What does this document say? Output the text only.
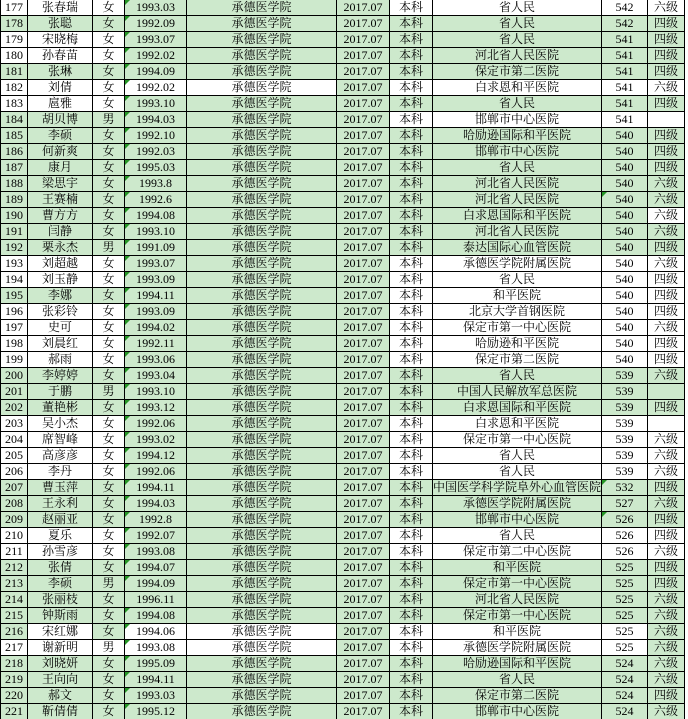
177	张春瑞	女	1993.03	承德医学院	2017.07	本科	省人民	542	六级
178	张聪	女	1992.09	承德医学院	2017.07	本科	省人民	542	四级
179	宋晓梅	女	1993.07	承德医学院	2017.07	本科	省人民	541	四级
180	孙春苗	女	1992.02	承德医学院	2017.07	本科	河北省人民医院	541	四级
181	张琳	女	1994.09	承德医学院	2017.07	本科	保定市第二医院	541	四级
182	刘倩	女	1992.02	承德医学院	2017.07	本科	白求恩和平医院	541	六级
183	扈雅	女	1993.10	承德医学院	2017.07	本科	省人民	541	四级
184	胡贝博	男	1994.03	承德医学院	2017.07	本科	邯郸市中心医院	541
185	李硕	女	1992.10	承德医学院	2017.07	本科	哈励逊国际和平医院	540	四级
186	何新爽	女	1992.03	承德医学院	2017.07	本科	邯郸市中心医院	540	四级
187	康月	女	1995.03	承德医学院	2017.07	本科	省人民	540	四级
188	梁思宇	女	1993.8	承德医学院	2017.07	本科	河北省人民医院	540	六级
189	王赛楠	女	1992.6	承德医学院	2017.07	本科	河北省人民医院	540	六级
190	曹方方	女	1994.08	承德医学院	2017.07	本科	白求恩国际和平医院	540	六级
191	闫静	女	1993.10	承德医学院	2017.07	本科	河北省人民医院	540	六级
192	栗永杰	男	1991.09	承德医学院	2017.07	本科	泰达国际心血管医院	540	四级
193	刘超越	女	1993.07	承德医学院	2017.07	本科	承德医学院附属医院	540	六级
194	刘玉静	女	1993.09	承德医学院	2017.07	本科	省人民	540	四级
195	李娜	女	1994.11	承德医学院	2017.07	本科	和平医院	540	四级
196	张彩铃	女	1993.09	承德医学院	2017.07	本科	北京大学首钢医院	540	四级
197	史可	女	1994.02	承德医学院	2017.07	本科	保定市第一中心医院	540	六级
198	刘晨红	女	1992.11	承德医学院	2017.07	本科	哈励逊和平医院	540	四级
199	郝雨	女	1993.06	承德医学院	2017.07	本科	保定市第二医院	540	四级
200	李婷婷	女	1993.04	承德医学院	2017.07	本科	省人民	539	六级
201	于鹏	男	1993.10	承德医学院	2017.07	本科	中国人民解放军总医院	539
202	董艳彬	女	1993.12	承德医学院	2017.07	本科	白求恩国际和平医院	539	四级
203	吴小杰	女	1992.06	承德医学院	2017.07	本科	白求恩和平医院	539
204	席智峰	女	1993.02	承德医学院	2017.07	本科	保定市第一中心医院	539	六级
205	高彦彦	女	1994.12	承德医学院	2017.07	本科	省人民	539	六级
206	李丹	女	1992.06	承德医学院	2017.07	本科	省人民	539	六级
207	曹玉萍	女	1994.11	承德医学院	2017.07	本科 中国医学科学院阜外心血管医院	532	四级
208	王永利	女	1994.03	承德医学院	2017.07	本科	承德医学院附属医院	527	六级
209	赵丽亚	女	1992.8	承德医学院	2017.07	本科	邯郸市中心医院	526	四级
210	夏乐	女	1992.07	承德医学院	2017.07	本科	省人民	526	四级
211	孙雪彦	女	1993.08	承德医学院	2017.07	本科	保定市第二中心医院	526	六级
212	张倩	女	1994.07	承德医学院	2017.07	本科	和平医院	525	四级
213	李硕	男	1994.09	承德医学院	2017.07	本科	保定市第一中心医院	525	四级
214	张丽枝	女	1996.11	承德医学院	2017.07	本科	河北省人民医院	525	六级
215	钟斯雨	女	1994.08	承德医学院	2017.07	本科	保定市第一中心医院	525	六级
216	宋红娜	女	1994.06	承德医学院	2017.07	本科	和平医院	525	六级
217	谢新明	男	1993.08	承德医学院	2017.07	本科	承德医学院附属医院	525	六级
218	刘晓妍	女	1995.09	承德医学院	2017.07	本科	哈励逊国际和平医院	524	六级
219	王向向	女	1994.11	承德医学院	2017.07	本科	省人民	524	六级
220	郝文	女	1993.03	承德医学院	2017.07	本科	保定市第二医院	524	四级
221	靳倩倩	女	1995.12	承德医学院	2017.07	本科	邯郸市中心医院	524	六级
